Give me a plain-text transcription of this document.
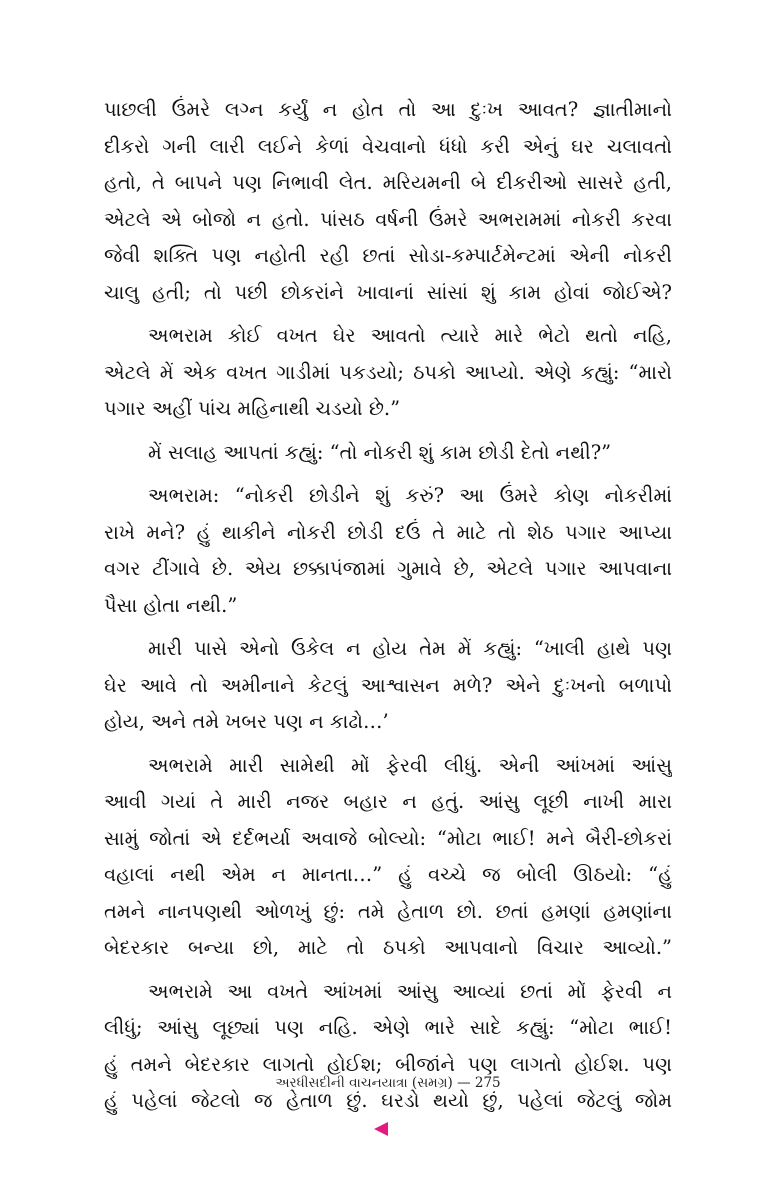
પાછલી ઉંમરે લગ્ન કર્યું ન હોત તો આ દુઃખ આવત? જ્ઞાતીમાનો
દીકરો ગની લારી લઈને કેળાં વેચવાનો ધંધો કરી એનું ઘર ચલાવતો
હતો, તે બાપને પણ નિભાવી લેત. મરિયમની બે દીકરીઓ સાસરે હતી,
એટલે એ બોજો ન હતો. પાંસઠ વર્ષની ઉંમરે અભરામમાં નોકરી કરવા
જેવી શક્તિ પણ નહોતી રહી છતાં સોડા-કમ્પાર્ટમેન્ટમાં એની નોકરી
ચાલુ હતી; તો પછી છોકરાંને ખાવાનાં સાંસાં શું કામ હોવાં જોઈએ?
અભરામ કોઈ વખત ઘેર આવતો ત્યારે મારે ભેટો થતો નહિ,
એટલે મેં એક વખત ગાડીમાં પકડયો; ઠપકો આપ્યો. એણે કહ્યું: “મારો
પગાર અહીં પાંચ મહિનાથી ચડયો છે.”
મેં સલાહ આપતાં કહ્યું: “તો નોકરી શું કામ છોડી દેતો નથી?”
અભરામ: “નોકરી છોડીને શું કરું? આ ઉંમરે કોણ નોકરીમાં
રાખે મને? હું થાકીને નોકરી છોડી દઉં તે માટે તો શેઠ પગાર આપ્યા
વગર ટીંગાવે છે. એય છક્કાપંજામાં ગુમાવે છે, એટલે પગાર આપવાના
પૈસા હોતા નથી.”
મારી પાસે એનો ઉકેલ ન હોય તેમ મેં કહ્યું: “ખાલી હાથે પણ
ઘેર આવે તો અમીનાને કેટલું આશ્વાસન મળે? એને દુઃખનો બળાપો
હોય, અને તમે ખબર પણ ન કાઢો…’
અભરામે મારી સામેથી મોં ફેરવી લીધું. એની આંખમાં આંસુ
આવી ગયાં તે મારી નજર બહાર ન હતું. આંસુ લૂછી નાખી મારા
સામું જોતાં એ દર્દભર્યા અવાજે બોલ્યો: “મોટા ભાઈ! મને બૈરી-છોકરાં
વહાલાં નથી એમ ન માનતા…” હું વચ્ચે જ બોલી ઊઠયો: “હું
તમને નાનપણથી ઓળખું છું: તમે હેતાળ છો. છતાં હમણાં હમણાંના
બેદરકાર બન્યા છો, માટે તો ઠપકો આપવાનો વિચાર આવ્યો.”
અભરામે આ વખતે આંખમાં આંસુ આવ્યાં છતાં મોં ફેરવી ન
લીધું; આંસુ લૂછ્યાં પણ નહિ. એણે ભારે સાદે કહ્યું: “મોટા ભાઈ!
હું તમને બેદરકાર લાગતો હોઈશ; બીજાંને પણ લાગતો હોઈશ. પણ
હું પહેલાં જેટલો જ હેતાળ છું. ઘરડો થયો છું, પહેલાં જેટલું જોમ
અરધીસદીની વાચનયાત્રા (સમગ્ર) — 275
